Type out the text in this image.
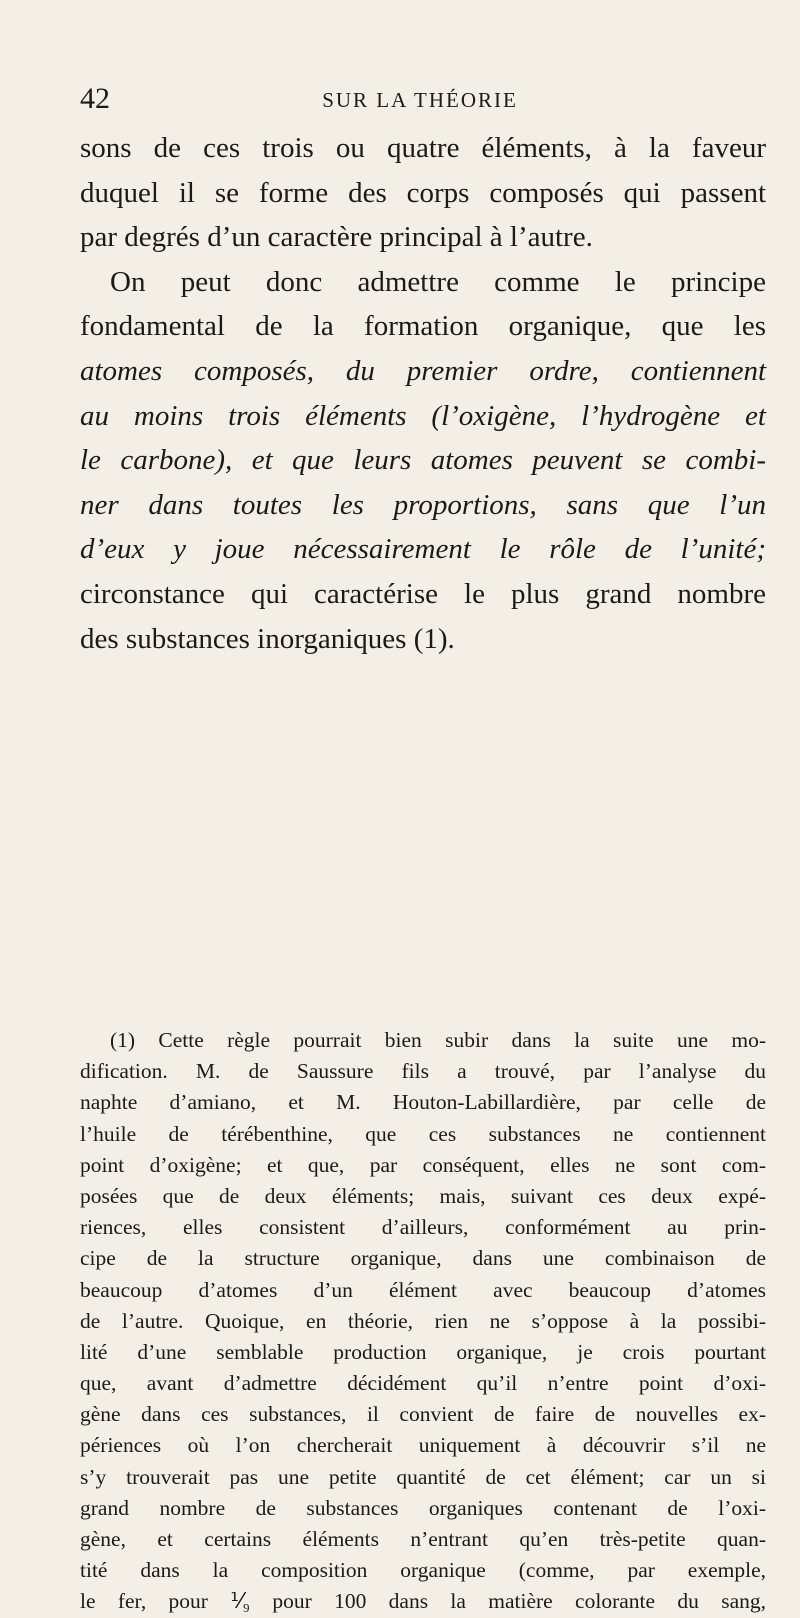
42	SUR LA THÉORIE
sons de ces trois ou quatre éléments, à la faveur
duquel il se forme des corps composés qui passent
par degrés d’un caractère principal à l’autre.
On peut donc admettre comme le principe
fondamental de la formation organique, que les
atomes composés, du premier ordre, contiennent
au moins trois éléments (l’oxigène, l’hydrogène et
le carbone), et que leurs atomes peuvent se combi-
ner dans toutes les proportions, sans que l’un
d’eux y joue nécessairement le rôle de l’unité;
circonstance qui caractérise le plus grand nombre
des substances inorganiques (1).
(1) Cette règle pourrait bien subir dans la suite une mo-
dification. M. de Saussure fils a trouvé, par l’analyse du
naphte d’amiano, et M. Houton-Labillardière, par celle de
l’huile de térébenthine, que ces substances ne contiennent
point d’oxigène; et que, par conséquent, elles ne sont com-
posées que de deux éléments; mais, suivant ces deux expé-
riences, elles consistent d’ailleurs, conformément au prin-
cipe de la structure organique, dans une combinaison de
beaucoup d’atomes d’un élément avec beaucoup d’atomes
de l’autre. Quoique, en théorie, rien ne s’oppose à la possibi-
lité d’une semblable production organique, je crois pourtant
que, avant d’admettre décidément qu’il n’entre point d’oxi-
gène dans ces substances, il convient de faire de nouvelles ex-
périences où l’on chercherait uniquement à découvrir s’il ne
s’y trouverait pas une petite quantité de cet élément; car un si
grand nombre de substances organiques contenant de l’oxi-
gène, et certains éléments n’entrant qu’en très-petite quan-
tité dans la composition organique (comme, par exemple,
le fer, pour ⅟₉ pour 100 dans la matière colorante du sang,
